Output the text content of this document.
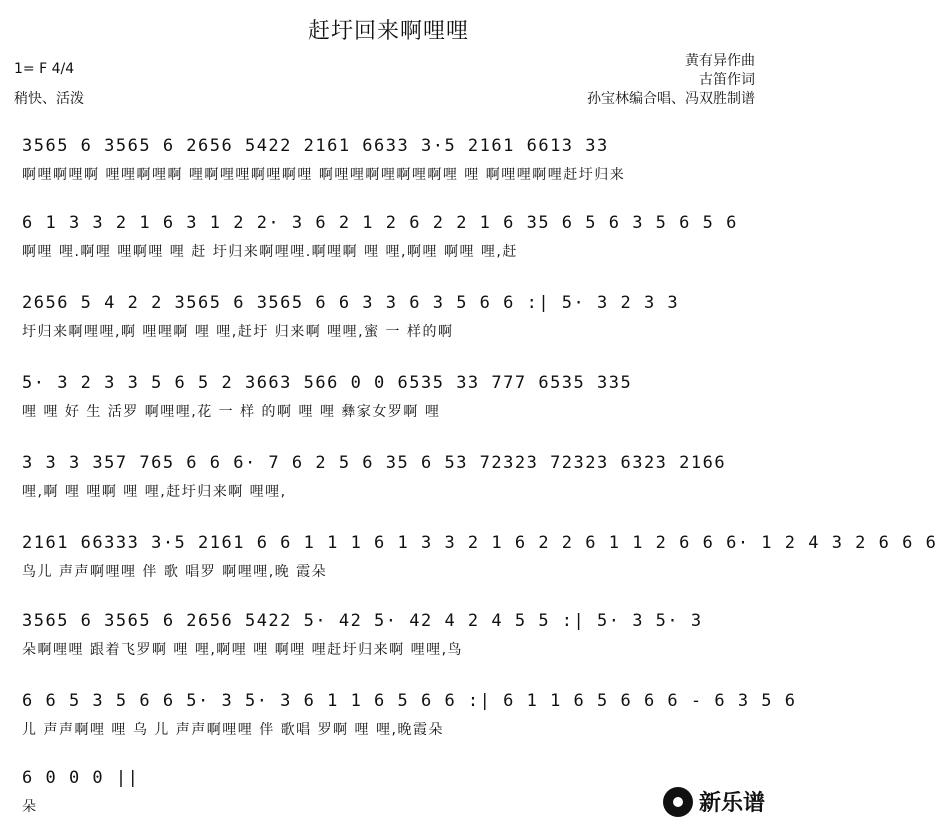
赶圩回来啊哩哩
1= F 4/4
稍快、活泼
黄有异作曲
古笛作词
孙宝林编合唱、冯双胜制谱
3565 6 3565 6 2656 5422 2161 6633 3·5 2161 6613 33
啊哩啊哩啊 哩哩啊哩啊 哩啊哩哩啊哩啊哩 啊哩哩啊哩啊哩啊哩 哩 啊哩哩啊哩赶圩归来
6 1 3 3 2 1 6 3 1 2 2· 3 6 2 1 2 6 2 2 1 6 35 6 5 6 3 5 6 5 6
啊哩 哩.啊哩 哩啊哩 哩 赶 圩归来啊哩哩.啊哩啊 哩 哩,啊哩 啊哩 哩,赶
2656 5 4 2 2 3565 6 3565 6 6 3 3 6 3 5 6 6 :| 5· 3 2 3 3
圩归来啊哩哩,啊 哩哩啊 哩 哩,赶圩 归来啊 哩哩,蜜 一 样的啊
5· 3 2 3 3 5 6 5 2 3663 566 0 0 6535 33 777 6535 335
哩 哩 好 生 活罗 啊哩哩,花 一 样 的啊 哩 哩 彝家女罗啊 哩
3 3 3 357 765 6 6 6· 7 6 2 5 6 35 6 53 72323 72323 6323 2166
哩,啊 哩 哩啊 哩 哩,赶圩归来啊 哩哩,
2161 66333 3·5 2161 6 6 1 1 1 6 1 3 3 2 1 6 2 2 6 1 1 2 6 6 6· 1 2 4 3 2 6 6 6
鸟儿 声声啊哩哩 伴 歌 唱罗 啊哩哩,晚 霞朵
3565 6 3565 6 2656 5422 5· 42 5· 42 4 2 4 5 5 :| 5· 3 5· 3
朵啊哩哩 跟着飞罗啊 哩 哩,啊哩 哩 啊哩 哩赶圩归来啊 哩哩,鸟
6 6 5 3 5 6 6 5· 3 5· 3 6 1 1 6 5 6 6 :| 6 1 1 6 5 6 6 6 - 6 3 5 6
儿 声声啊哩 哩 乌 儿 声声啊哩哩 伴 歌唱 罗啊 哩 哩,晚霞朵
6 0 0 0 ||
朵	新乐谱
